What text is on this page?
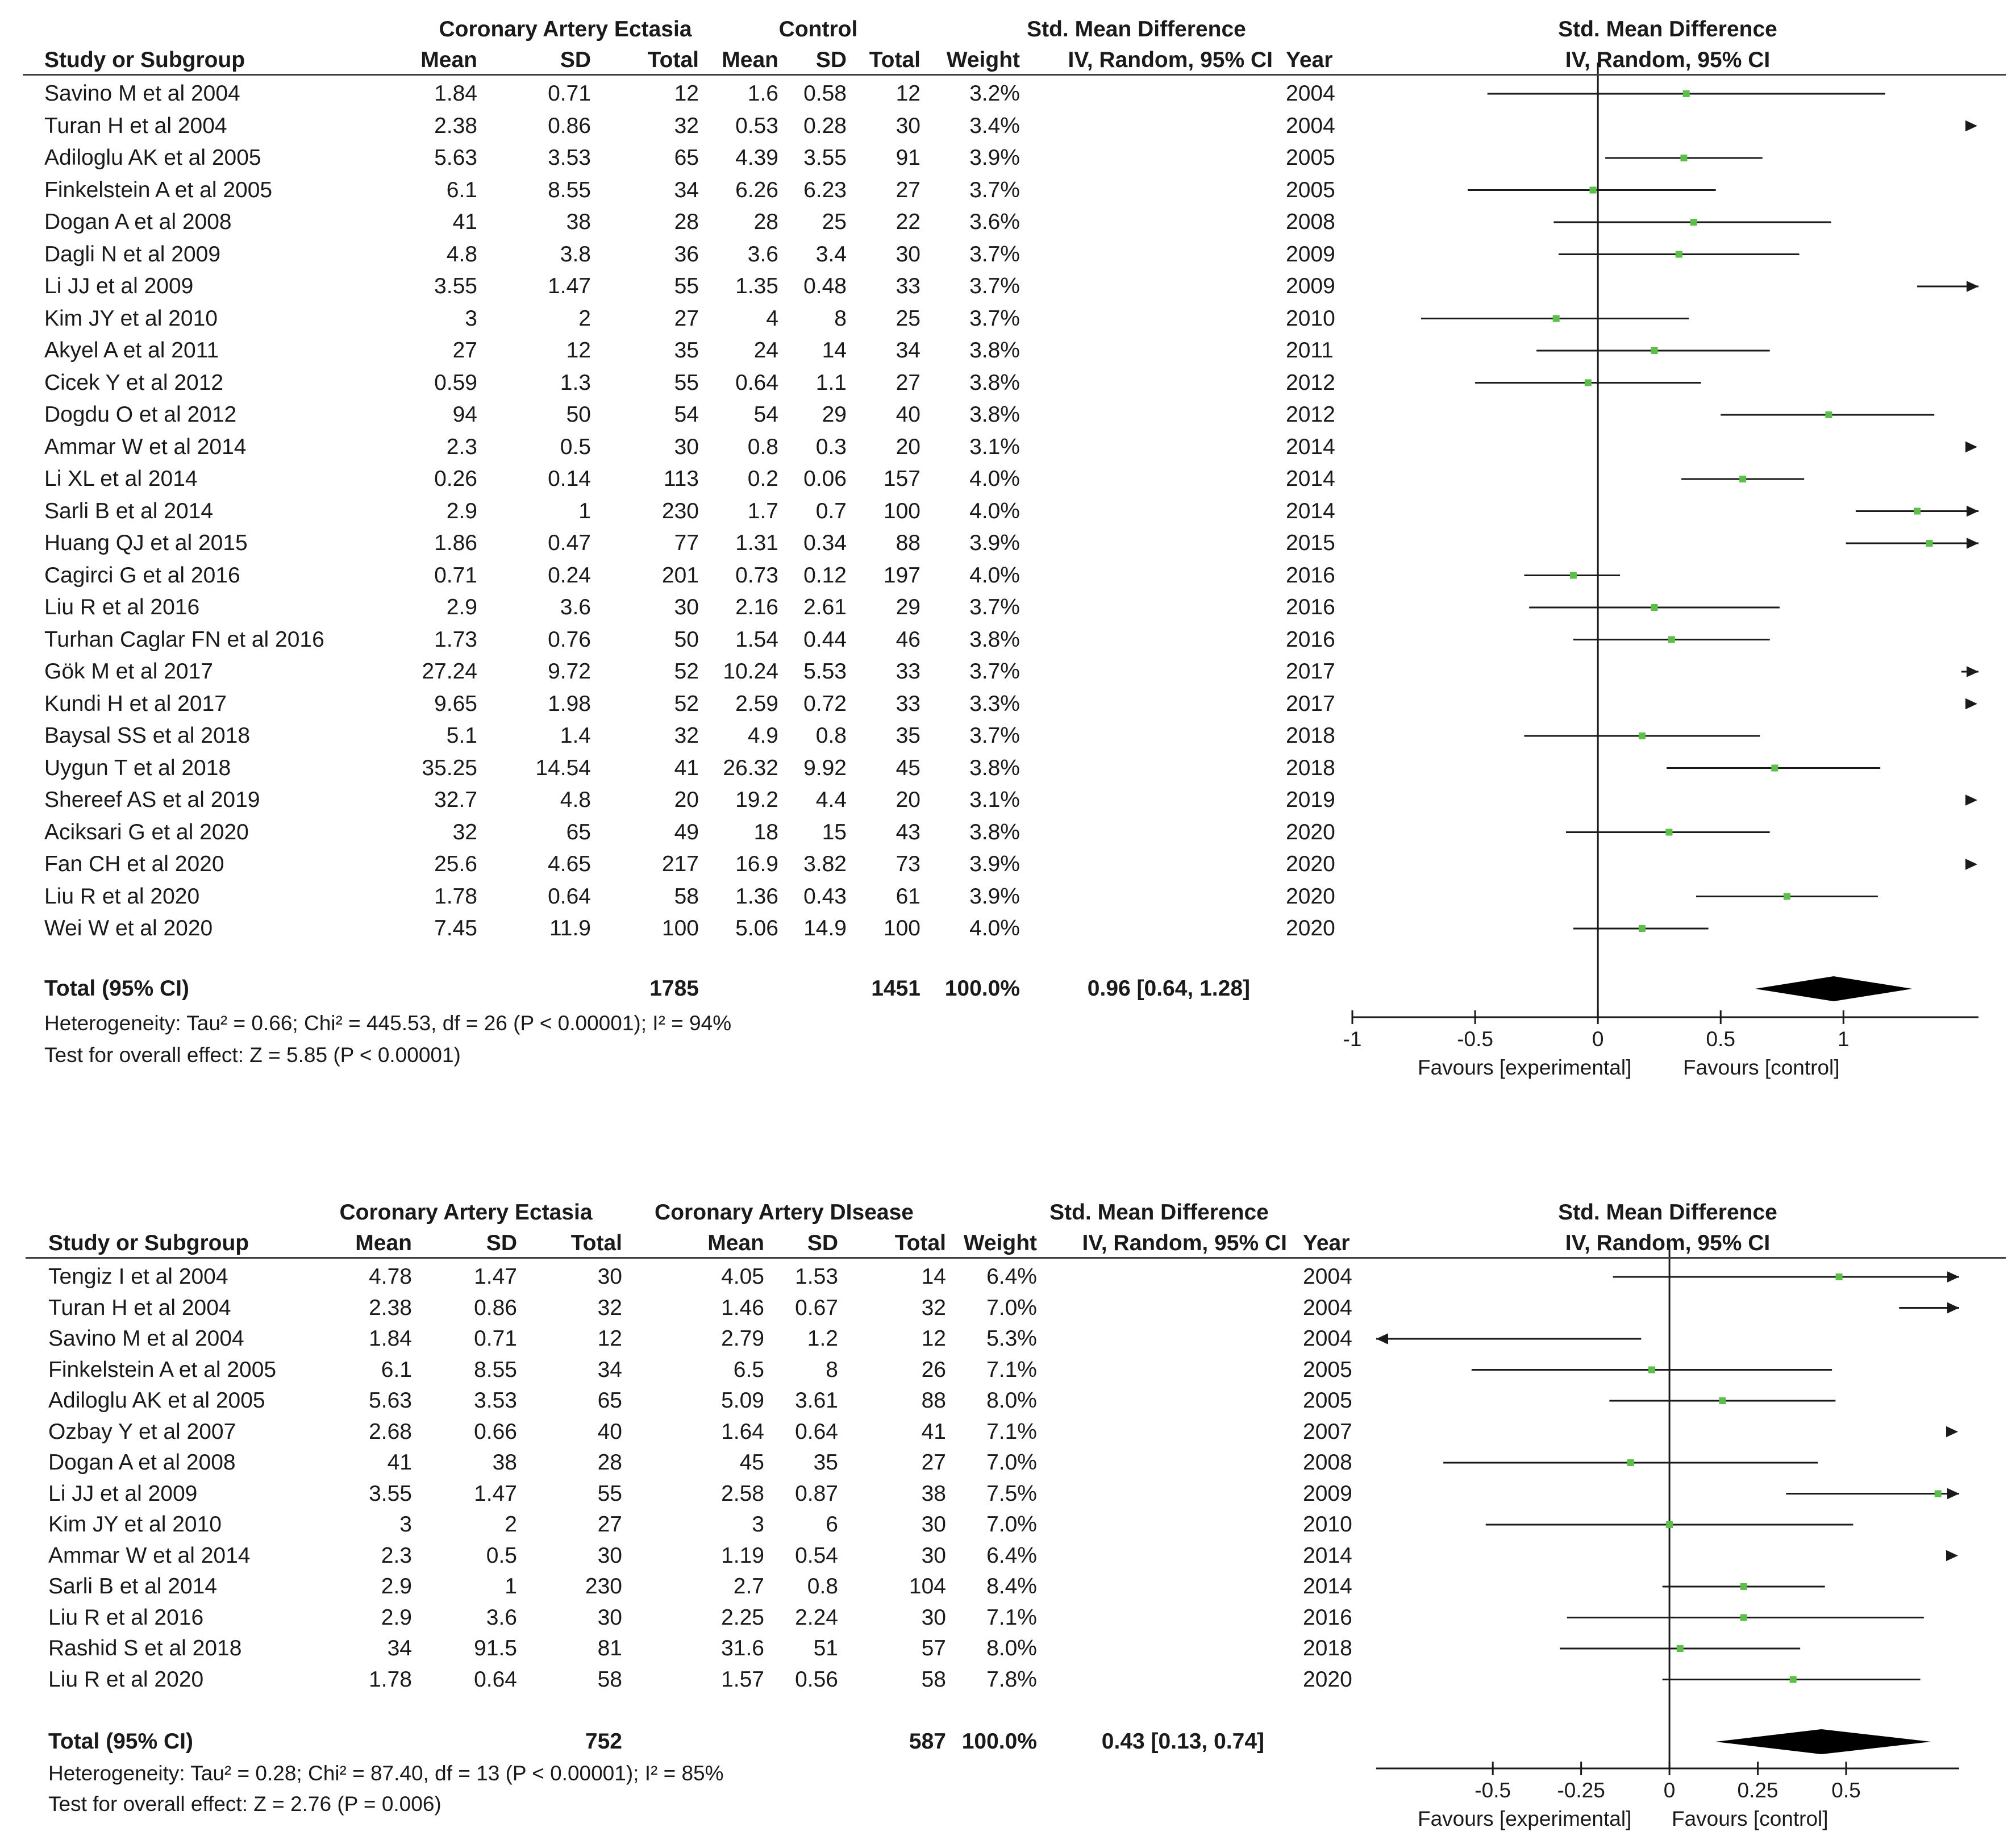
Coronary Artery Ectasia	Control	Std. Mean Difference
Study or Subgroup	Mean	SD	Total	Mean	SD	Total	Weight	IV, Random, 95% CI Year
Savino M et al 2004	1.84	0.71	12	1.6	0.58	12	3.2%	2004
Turan H et al 2004	2.38	0.86	32	0.53	0.28	30	3.4%	2004
Adiloglu AK et al 2005	5.63	3.53	65	4.39	3.55	91	3.9%	2005
Finkelstein A et al 2005	6.1	8.55	34	6.26	6.23	27	3.7%	2005
Dogan A et al 2008	41	38	28	28	25	22	3.6%	2008
Dagli N et al 2009	4.8	3.8	36	3.6	3.4	30	3.7%	2009
Li JJ et al 2009	3.55	1.47	55	1.35	0.48	33	3.7%	2009
Kim JY et al 2010	3	2	27	4	8	25	3.7%	2010
Akyel A et al 2011	27	12	35	24	14	34	3.8%	2011
Cicek Y et al 2012	0.59	1.3	55	0.64	1.1	27	3.8%	2012
Dogdu O et al 2012	94	50	54	54	29	40	3.8%	2012
Ammar W et al 2014	2.3	0.5	30	0.8	0.3	20	3.1%	2014
Li XL et al 2014	0.26	0.14	113	0.2	0.06	157	4.0%	2014
Sarli B et al 2014	2.9	1	230	1.7	0.7	100	4.0%	2014
Huang QJ et al 2015	1.86	0.47	77	1.31	0.34	88	3.9%	2015
Cagirci G et al 2016	0.71	0.24	201	0.73	0.12	197	4.0%	2016
Liu R et al 2016	2.9	3.6	30	2.16	2.61	29	3.7%	2016
Turhan Caglar FN et al 2016	1.73	0.76	50	1.54	0.44	46	3.8%	2016
Gök M et al 2017	27.24	9.72	52	10.24	5.53	33	3.7%	2017
Kundi H et al 2017	9.65	1.98	52	2.59	0.72	33	3.3%	2017
Baysal SS et al 2018	5.1	1.4	32	4.9	0.8	35	3.7%	2018
Uygun T et al 2018	35.25	14.54	41	26.32	9.92	45	3.8%	2018
Shereef AS et al 2019	32.7	4.8	20	19.2	4.4	20	3.1%	2019
Aciksari G et al 2020	32	65	49	18	15	43	3.8%	2020
Fan CH et al 2020	25.6	4.65	217	16.9	3.82	73	3.9%	2020
Liu R et al 2020	1.78	0.64	58	1.36	0.43	61	3.9%	2020
Wei W et al 2020	7.45	11.9	100	5.06	14.9	100	4.0%	2020
Total (95% CI)	1785	1451	100.0%	0.96 [0.64, 1.28]
Heterogeneity: Tau² = 0.66; Chi² = 445.53, df = 26 (P < 0.00001); I² = 94%
Test for overall effect: Z = 5.85 (P < 0.00001)
Std. Mean Difference
IV, Random, 95% CI
-1	-0.5	0	0.5	1
Favours [experimental] Favours [control]
Coronary Artery Ectasia	Coronary Artery DIsease	Std. Mean Difference
Study or Subgroup	Mean	SD	Total	Mean	SD	Total Weight	IV, Random, 95% CI Year
Tengiz I et al 2004	4.78	1.47	30	4.05	1.53	14	6.4%	2004
Turan H et al 2004	2.38	0.86	32	1.46	0.67	32	7.0%	2004
Savino M et al 2004	1.84	0.71	12	2.79	1.2	12	5.3%	2004
Finkelstein A et al 2005	6.1	8.55	34	6.5	8	26	7.1%	2005
Adiloglu AK et al 2005	5.63	3.53	65	5.09	3.61	88	8.0%	2005
Ozbay Y et al 2007	2.68	0.66	40	1.64	0.64	41	7.1%	2007
Dogan A et al 2008	41	38	28	45	35	27	7.0%	2008
Li JJ et al 2009	3.55	1.47	55	2.58	0.87	38	7.5%	2009
Kim JY et al 2010	3	2	27	3	6	30	7.0%	2010
Ammar W et al 2014	2.3	0.5	30	1.19	0.54	30	6.4%	2014
Sarli B et al 2014	2.9	1	230	2.7	0.8	104	8.4%	2014
Liu R et al 2016	2.9	3.6	30	2.25	2.24	30	7.1%	2016
Rashid S et al 2018	34	91.5	81	31.6	51	57	8.0%	2018
Liu R et al 2020	1.78	0.64	58	1.57	0.56	58	7.8%	2020
Total (95% CI)	752	587 100.0%	0.43 [0.13, 0.74]
Heterogeneity: Tau² = 0.28; Chi² = 87.40, df = 13 (P < 0.00001); I² = 85%
Test for overall effect: Z = 2.76 (P = 0.006)
Std. Mean Difference
IV, Random, 95% CI
-0.5	-0.25	0	0.25	0.5
Favours [experimental] Favours [control]
